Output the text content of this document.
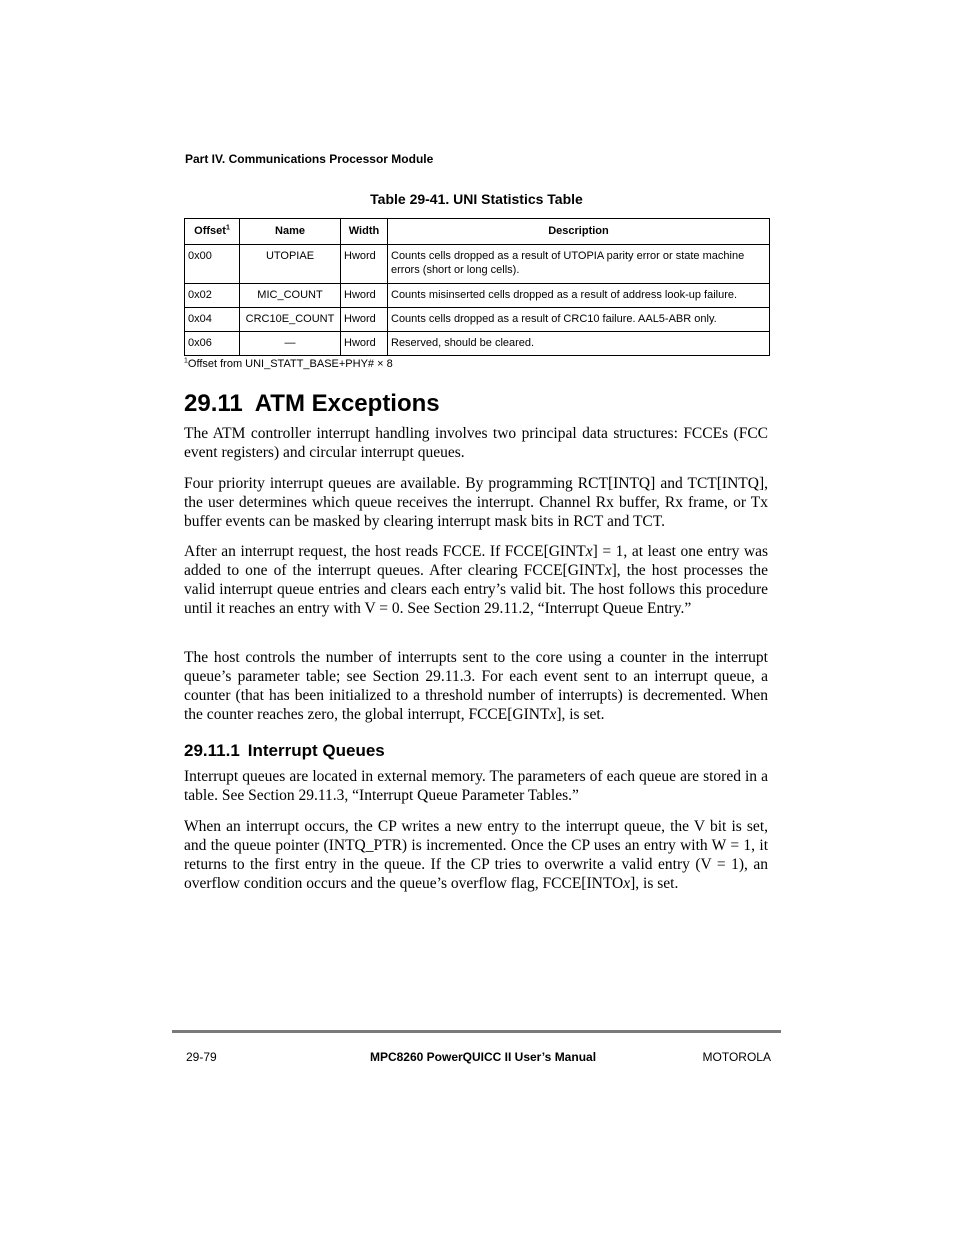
Part IV. Communications Processor Module
Table 29-41. UNI Statistics Table
Offset$^1$	Name	Width	Description
0x00	UTOPIAE	Hword	Counts cells dropped as a result of UTOPIA parity error or state machine errors (short or long cells).
0x02	MIC_COUNT	Hword	Counts misinserted cells dropped as a result of address look-up failure.
0x04	CRC10E_COUNT	Hword	Counts cells dropped as a result of CRC10 failure. AAL5-ABR only.
0x06	—	Hword	Reserved, should be cleared.
$^1$Offset from UNI_STATT_BASE+PHY# × 8
29.11 ATM Exceptions

The ATM controller interrupt handling involves two principal data structures: FCCEs (FCC event registers) and circular interrupt queues.

Four priority interrupt queues are available. By programming RCT[INTQ] and TCT[INTQ], the user determines which queue receives the interrupt. Channel Rx buffer, Rx frame, or Tx buffer events can be masked by clearing interrupt mask bits in RCT and TCT.

After an interrupt request, the host reads FCCE. If FCCE[GINTx] = 1, at least one entry was added to one of the interrupt queues. After clearing FCCE[GINTx], the host processes the valid interrupt queue entries and clears each entry’s valid bit. The host follows this procedure until it reaches an entry with V = 0. See Section 29.11.2, “Interrupt Queue Entry.”

The host controls the number of interrupts sent to the core using a counter in the interrupt queue’s parameter table; see Section 29.11.3. For each event sent to an interrupt queue, a counter (that has been initialized to a threshold number of interrupts) is decremented. When the counter reaches zero, the global interrupt, FCCE[GINTx], is set.

29.11.1 Interrupt Queues

Interrupt queues are located in external memory. The parameters of each queue are stored in a table. See Section 29.11.3, “Interrupt Queue Parameter Tables.”

When an interrupt occurs, the CP writes a new entry to the interrupt queue, the V bit is set, and the queue pointer (INTQ_PTR) is incremented. Once the CP uses an entry with W = 1, it returns to the first entry in the queue. If the CP tries to overwrite a valid entry (V = 1), an overflow condition occurs and the queue’s overflow flag, FCCE[INTOx], is set.

29-79	MPC8260 PowerQUICC II User’s Manual	MOTOROLA
